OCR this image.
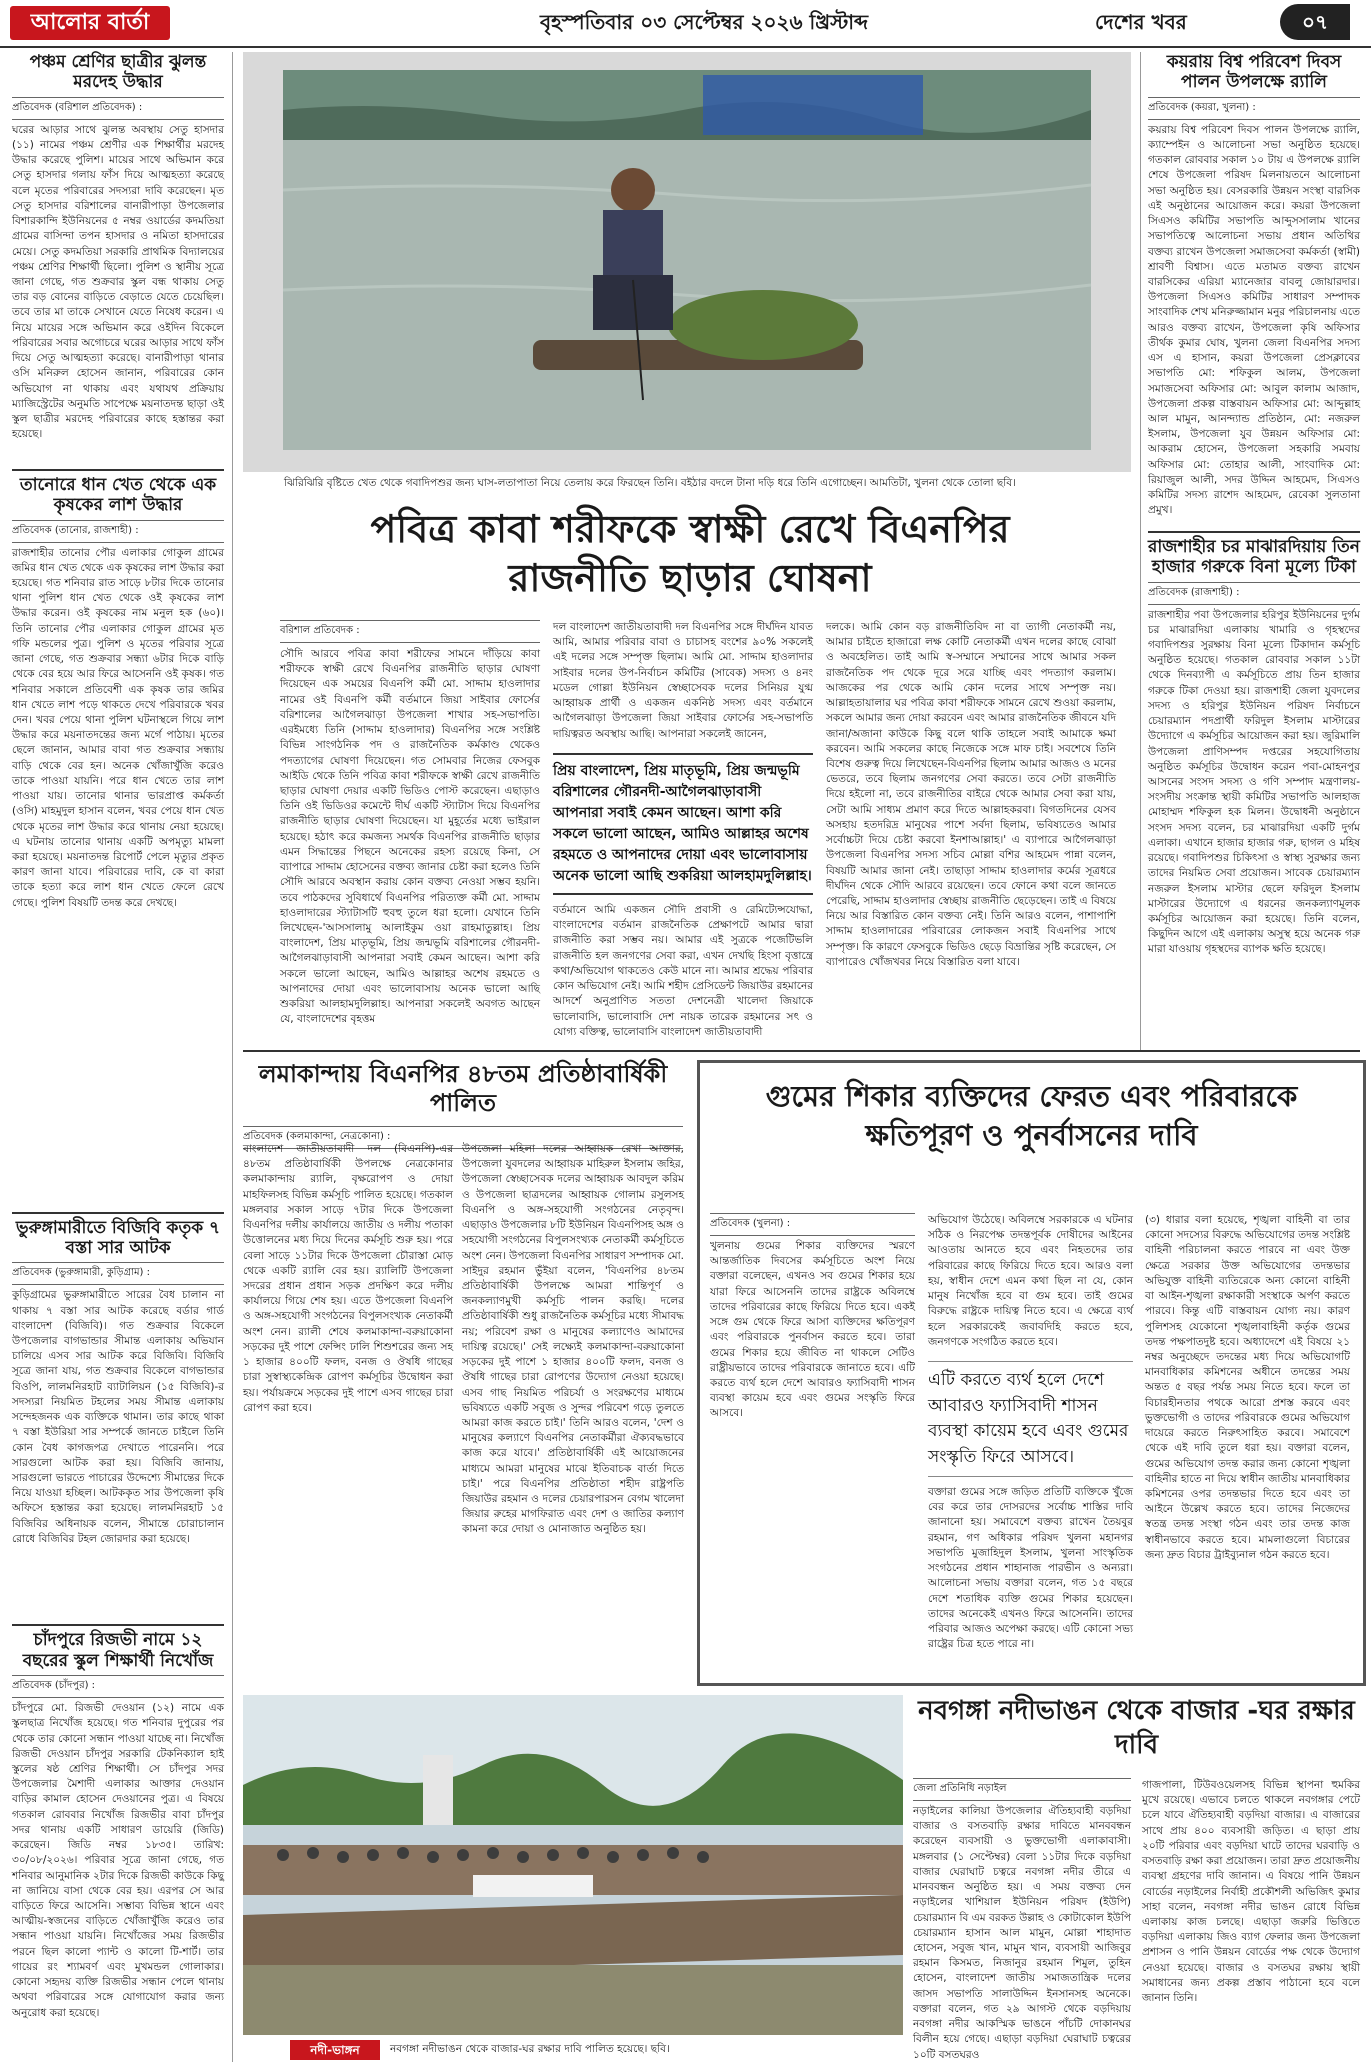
আলোর বার্তা	বৃহস্পতিবার ০৩ সেপ্টেম্বর ২০২৬ খ্রিস্টাব্দ	দেশের খবর	০৭
পঞ্চম শ্রেণির ছাত্রীর ঝুলন্ত মরদেহ উদ্ধার
প্রতিবেদক (বরিশাল প্রতিবেদক) :
ঘরের আড়ার সাথে ঝুলন্ত অবস্থায় সেতু হাসদার (১১) নামের পঞ্চম শ্রেণীর এক শিক্ষার্থীর মরদেহ উদ্ধার করেছে পুলিশ। মায়ের সাথে অভিমান করে সেতু হাসদার গলায় ফাঁস দিয়ে আত্মহত্যা করেছে বলে মৃতের পরিবারের সদস্যরা দাবি করেছেন। মৃত সেতু হাসদার বরিশালের বানারীপাড়া উপজেলার বিশারকান্দি ইউনিয়নের ৫ নম্বর ওয়ার্ডের কদমতিয়া গ্রামের বাসিন্দা তপন হাসদার ও নমিতা হাসদারের মেয়ে। সেতু কদমতিয়া সরকারি প্রাথমিক বিদ্যালয়ের পঞ্চম শ্রেণির শিক্ষার্থী ছিলো। পুলিশ ও স্থানীয় সূত্রে জানা গেছে, গত শুক্রবার স্কুল বন্ধ থাকায় সেতু তার বড় বোনের বাড়িতে বেড়াতে যেতে চেয়েছিল। তবে তার মা তাকে সেখানে যেতে নিষেধ করেন। এ নিয়ে মায়ের সঙ্গে অভিমান করে ওইদিন বিকেলে পরিবারের সবার অগোচরে ঘরের আড়ার সাথে ফাঁস দিয়ে সেতু আত্মহত্যা করেছে। বানারীপাড়া থানার ওসি মনিরুল হোসেন জানান, পরিবারের কোন অভিযোগ না থাকায় এবং যথাযথ প্রক্রিয়ায় ম্যাজিস্ট্রেটের অনুমতি সাপেক্ষে ময়নাতদন্ত ছাড়া ওই স্কুল ছাত্রীর মরদেহ পরিবারের কাছে হস্তান্তর করা হয়েছে।
তানোরে ধান খেত থেকে এক কৃষকের লাশ উদ্ধার
প্রতিবেদক (তানোর, রাজশাহী) :
রাজশাহীর তানোর পৌর এলাকার গোকুল গ্রামের জমির ধান খেত থেকে এক কৃষকের লাশ উদ্ধার করা হয়েছে। গত শনিবার রাত সাড়ে ৮টার দিকে তানোর থানা পুলিশ ধান খেত থেকে ওই কৃষকের লাশ উদ্ধার করেন। ওই কৃষকের নাম মনুল হক (৬০)। তিনি তানোর পৌর এলাকার গোকুল গ্রামের মৃত গফি মন্ডলের পুত্র। পুলিশ ও মৃতের পরিবার সূত্রে জানা গেছে, গত শুক্রবার সন্ধ্যা ৬টার দিকে বাড়ি থেকে বের হয়ে আর ফিরে আসেননি ওই কৃষক। গত শনিবার সকালে প্রতিবেশী এক কৃষক তার জমির ধান খেতে লাশ পড়ে থাকতে দেখে পরিবারকে খবর দেন। খবর পেয়ে থানা পুলিশ ঘটনাস্থলে গিয়ে লাশ উদ্ধার করে ময়নাতদন্তের জন্য মর্গে পাঠায়। মৃতের ছেলে জানান, আমার বাবা গত শুক্রবার সন্ধ্যায় বাড়ি থেকে বের হন। অনেক খোঁজাখুঁজি করেও তাকে পাওয়া যায়নি। পরে ধান খেতে তার লাশ পাওয়া যায়। তানোর থানার ভারপ্রাপ্ত কর্মকর্তা (ওসি) মাহমুদুল হাসান বলেন, খবর পেয়ে ধান খেত থেকে মৃতের লাশ উদ্ধার করে থানায় নেয়া হয়েছে। এ ঘটনায় তানোর থানায় একটি অপমৃত্যু মামলা করা হয়েছে। ময়নাতদন্ত রিপোর্ট পেলে মৃত্যুর প্রকৃত কারণ জানা যাবে। পরিবারের দাবি, কে বা কারা তাকে হত্যা করে লাশ ধান খেতে ফেলে রেখে গেছে। পুলিশ বিষয়টি তদন্ত করে দেখছে।
ভুরুঙ্গামারীতে বিজিবি কতৃক ৭ বস্তা সার আটক
প্রতিবেদক (ভুরুঙ্গামারী, কুড়িগ্রাম) :
কুড়িগ্রামের ভুরুঙ্গামারীতে সারের বৈধ চালান না থাকায় ৭ বস্তা সার আটক করেছে বর্ডার গার্ড বাংলাদেশ (বিজিবি)। গত শুক্রবার বিকেলে উপজেলার বাগভান্ডার সীমান্ত এলাকায় অভিযান চালিয়ে এসব সার আটক করে বিজিবি। বিজিবি সূত্রে জানা যায়, গত শুক্রবার বিকেলে বাগভান্ডার বিওপি, লালমনিরহাট ব্যাটালিয়ন (১৫ বিজিবি)-র সদস্যরা নিয়মিত টহলের সময় সীমান্ত এলাকায় সন্দেহজনক এক ব্যক্তিকে থামান। তার কাছে থাকা ৭ বস্তা ইউরিয়া সার সম্পর্কে জানতে চাইলে তিনি কোন বৈধ কাগজপত্র দেখাতে পারেননি। পরে সারগুলো আটক করা হয়। বিজিবি জানায়, সারগুলো ভারতে পাচারের উদ্দেশ্যে সীমান্তের দিকে নিয়ে যাওয়া হচ্ছিল। আটককৃত সার উপজেলা কৃষি অফিসে হস্তান্তর করা হয়েছে। লালমনিরহাট ১৫ বিজিবির অধিনায়ক বলেন, সীমান্তে চোরাচালান রোধে বিজিবির টহল জোরদার করা হয়েছে।
চাঁদপুরে রিজভী নামে ১২ বছরের স্কুল শিক্ষার্থী নিখোঁজ
প্রতিবেদক (চাঁদপুর) :
চাঁদপুরে মো. রিজভী দেওয়ান (১২) নামে এক স্কুলছাত্র নিখোঁজ হয়েছে। গত শনিবার দুপুরের পর থেকে তার কোনো সন্ধান পাওয়া যাচ্ছে না। নিখোঁজ রিজভী দেওয়ান চাঁদপুর সরকারি টেকনিক্যাল হাই স্কুলের ষষ্ঠ শ্রেণির শিক্ষার্থী। সে চাঁদপুর সদর উপজেলার মৈশাদী এলাকার আক্তার দেওয়ান বাড়ির কামাল হোসেন দেওয়ানের পুত্র। এ বিষয়ে গতকাল রোববার নিখোঁজ রিজভীর বাবা চাঁদপুর সদর থানায় একটি সাধারণ ডায়েরি (জিডি) করেছেন। জিডি নম্বর ১৮৩৫। তারিখ: ৩০/০৮/২০২৬। পরিবার সূত্রে জানা গেছে, গত শনিবার আনুমানিক ২টার দিকে রিজভী কাউকে কিছু না জানিয়ে বাসা থেকে বের হয়। এরপর সে আর বাড়িতে ফিরে আসেনি। সম্ভাব্য বিভিন্ন স্থানে এবং আত্মীয়-স্বজনের বাড়িতে খোঁজাখুঁজি করেও তার সন্ধান পাওয়া যায়নি। নিখোঁজের সময় রিজভীর পরনে ছিল কালো প্যান্ট ও কালো টি-শার্ট। তার গায়ের রং শ্যামবর্ণ এবং মুখমন্ডল গোলাকার। কোনো সহৃদয় ব্যক্তি রিজভীর সন্ধান পেলে থানায় অথবা পরিবারের সঙ্গে যোগাযোগ করার জন্য অনুরোধ করা হয়েছে।
ঝিরিঝিরি বৃষ্টিতে খেত থেকে গবাদিপশুর জন্য ঘাস-লতাপাতা নিয়ে তেলায় করে ফিরছেন তিনি। বইঠার বদলে টানা দড়ি ধরে তিনি এগোচ্ছেন। আমতিটা, খুলনা থেকে তোলা ছবি।
পবিত্র কাবা শরীফকে স্বাক্ষী রেখে বিএনপির রাজনীতি ছাড়ার ঘোষনা
বরিশাল প্রতিবেদক :
সৌদি আরবে পবিত্র কাবা শরীফের সামনে দাঁড়িয়ে কাবা শরীফকে স্বাক্ষী রেখে বিএনপির রাজনীতি ছাড়ার ঘোষণা দিয়েছেন এক সময়ের বিএনপি কর্মী মো. সাদ্দাম হাওলাদার নামের ওই বিএনপি কর্মী বর্তমানে জিয়া সাইবার ফোর্সের বরিশালের আগৈলঝাড়া উপজেলা শাখার সহ-সভাপতি। এরইমধ্যে তিনি (সাদ্দাম হাওলাদার) বিএনপির সঙ্গে সংশ্লিষ্ট বিভিন্ন সাংগঠনিক পদ ও রাজনৈতিক কর্মকাণ্ড থেকেও পদত্যাগের ঘোষণা দিয়েছেন। গত সোমবার নিজের ফেসবুক আইডি থেকে তিনি পবিত্র কাবা শরীফকে স্বাক্ষী রেখে রাজনীতি ছাড়ার ঘোষণা দেয়ার একটি ভিডিও পোস্ট করেছেন। এছাড়াও তিনি ওই ভিডিওর কমেন্টে দীর্ঘ একটি স্ট্যাটাস দিয়ে বিএনপির রাজনীতি ছাড়ার ঘোষণা দিয়েছেন। যা মুহূর্তের মধ্যে ভাইরাল হয়েছে। হঠাৎ করে কমজন্য সমর্থক বিএনপির রাজনীতি ছাড়ার এমন সিদ্ধান্তের পিছনে অনেকের রহস্য রয়েছে কিনা, সে ব্যাপারে সাদ্দাম হোসেনের বক্তব্য জানার চেষ্টা করা হলেও তিনি সৌদি আরবে অবস্থান করায় কোন বক্তব্য নেওয়া সম্ভব হয়নি। তবে পাঠকদের সুবিধার্থে বিএনপির পরিত্যক্ত কর্মী মো. সাদ্দাম হাওলাদারের স্ট্যাটাসটি হুবহু তুলে ধরা হলো। যেখানে তিনি লিখেছেন-'আসসালামু আলাইকুম ওয়া রাহমাতুল্লাহ। প্রিয় বাংলাদেশ, প্রিয় মাতৃভূমি, প্রিয় জন্মভূমি বরিশালের গৌরনদী-আগৈলঝাড়াবাসী আপনারা সবাই কেমন আছেন। আশা করি সকলে ভালো আছেন, আমিও আল্লাহর অশেষ রহমতে ও আপনাদের দোয়া এবং ভালোবাসায় অনেক ভালো আছি শুকরিয়া আলহামদুলিল্লাহ। আপনারা সকলেই অবগত আছেন যে, বাংলাদেশের বৃহত্তম
দল বাংলাদেশ জাতীয়তাবাদী দল বিএনপির সঙ্গে দীর্ঘদিন যাবত আমি, আমার পরিবার বাবা ও চাচাসহ বংশের ৯০% সকলেই এই দলের সঙ্গে সম্পৃক্ত ছিলাম। আমি মো. সাদ্দাম হাওলাদার সাইবার দলের উপ-নির্বাচন কমিটির (সাবেক) সদস্য ও ৪নং মডেল গোল্লা ইউনিয়ন স্বেচ্ছাসেবক দলের সিনিয়র যুগ্ম আহ্বায়ক প্রার্থী ও একজন একনিষ্ঠ সদস্য এবং বর্তমানে আগৈলঝাড়া উপজেলা জিয়া সাইবার ফোর্সের সহ-সভাপতি দায়িত্বরত অবস্থায় আছি। আপনারা সকলেই জানেন,
প্রিয় বাংলাদেশ, প্রিয় মাতৃভূমি, প্রিয় জন্মভূমি বরিশালের গৌরনদী-আগৈলঝাড়াবাসী আপনারা সবাই কেমন আছেন। আশা করি সকলে ভালো আছেন, আমিও আল্লাহর অশেষ রহমতে ও আপনাদের দোয়া এবং ভালোবাসায় অনেক ভালো আছি শুকরিয়া আলহামদুলিল্লাহ।
বর্তমানে আমি একজন সৌদি প্রবাসী ও রেমিট্যেন্সযোদ্ধা, বাংলাদেশের বর্তমান রাজনৈতিক প্রেক্ষাপটে আমার দ্বারা রাজনীতি করা সম্ভব নয়। আমার এই সুত্রকে পজেটিভলি রাজনীতি হল জনগণের সেবা করা, এখন দেখছি হিংসা বৃত্তান্ত্রে কথা/অভিযোগ থাকতেও কেউ মানে না। আমার শ্রদ্ধেয় পরিবার কোন অভিযোগ নেই। আমি শহীদ প্রেসিডেন্ট জিয়াউর রহমানের আদর্শে অনুপ্রাণিত সততা দেশনেত্রী খালেদা জিয়াকে ভালোবাসি, ভালোবাসি দেশ নায়ক তারেক রহমানের সৎ ও যোগ্য বক্তিত্ব, ভালোবাসি বাংলাদেশ জাতীয়তাবাদী
দলকে। আমি কোন বড় রাজনীতিবিদ না বা ত্যাগী নেতাকর্মী নয়, আমার চাইতে হাজারো লক্ষ কোটি নেতাকর্মী এখন দলের কাছে বোঝা ও অবহেলিত। তাই আমি স্ব-সম্মানে সম্মানের সাথে আমার সকল রাজনৈতিক পদ থেকে দূরে সরে যাচ্ছি এবং পদত্যাগ করলাম। আজকের পর থেকে আমি কোন দলের সাথে সম্পৃক্ত নয়। আল্লাহতায়ালার ঘর পবিত্র কাবা শরীফকে সামনে রেখে শুওয়া করলাম, সকলে আমার জন্য দোয়া করবেন এবং আমার রাজনৈতিক জীবনে যদি জানা/অজানা কাউকে কিছু বলে থাকি তাহলে সবাই আমাকে ক্ষমা করবেন। আমি সকলের কাছে নিজেকে সঙ্গে মাফ চাই। সবশেষে তিনি বিশেষ গুরুত্ব দিয়ে লিখেছেন-বিএনপির ছিলাম আমার আজও ও মনের ভেতরে, তবে ছিলাম জনগণের সেবা করতে। তবে সেটা রাজনীতি দিয়ে হইলো না, তবে রাজনীতির বাইরে থেকে আমার সেবা করা যায়, সেটা আমি সাধ্যম প্রমাণ করে দিতে আল্লাহকরবা। বিগতদিনের যেসব অসহায় হতদরিদ্র মানুষের পাশে সর্বদা ছিলাম, ভবিষ্যতেও আমার সর্বোচ্চটা দিয়ে চেষ্টা করবো ইনশাআল্লাহ।' এ ব্যাপারে আগৈলঝাড়া উপজেলা বিএনপির সদস্য সচিব মোল্লা বশির আহমেদ পান্না বলেন, বিষয়টি আমার জানা নেই। তাছাড়া সাদ্দাম হাওলাদার কর্মের সূত্রধরে দীর্ঘদিন থেকে সৌদি আরবে রয়েছেন। তবে ফোনে কথা বলে জানতে পেরেছি, সাদ্দাম হাওলাদার স্বেচ্ছায় রাজনীতি ছেড়েছেন। তাই এ বিষয়ে নিয়ে আর বিস্তারিত কোন বক্তব্য নেই। তিনি আরও বলেন, পাশাপাশি সাদ্দাম হাওলাদারের পরিবারের লোকজন সবাই বিএনপির সাথে সম্পৃক্ত। কি কারণে ফেসবুকে ভিডিও ছেড়ে বিভ্রান্তির সৃষ্টি করেছেন, সে ব্যাপারেও খোঁজখবর নিয়ে বিস্তারিত বলা যাবে।
কয়রায় বিশ্ব পরিবেশ দিবস পালন উপলক্ষে র‌্যালি
প্রতিবেদক (কয়রা, খুলনা) :
কয়রায় বিশ্ব পরিবেশ দিবস পালন উপলক্ষে র‌্যালি, ক্যাম্পেইন ও আলোচনা সভা অনুষ্ঠিত হয়েছে। গতকাল রোববার সকাল ১০ টায় এ উপলক্ষে র‌্যালি শেষে উপজেলা পরিষদ মিলনায়তনে আলোচনা সভা অনুষ্ঠিত হয়। বেসরকারি উন্নয়ন সংস্থা বারসিক এই অনুষ্ঠানের আয়োজন করে। কয়রা উপজেলা সিএসও কমিটির সভাপতি আব্দুসসালাম খানের সভাপতিত্বে আলোচনা সভায় প্রধান অতিথির বক্তব্য রাখেন উপজেলা সমাজসেবা কর্মকর্তা (স্বামী) শ্রাবণী বিশ্বাস। এতে মতামত বক্তব্য রাখেন বারসিকের এরিয়া ম্যানেজার বাবলু জোয়ারদার। উপজেলা সিএসও কমিটির সাধারণ সম্পাদক সাংবাদিক শেখ মনিরুজ্জামান মনুর পরিচালনায় এতে আরও বক্তব্য রাখেন, উপজেলা কৃষি অফিসার তীর্থক কুমার ঘোষ, খুলনা জেলা বিএনপির সদস্য এস এ হাসান, কয়রা উপজেলা প্রেসক্লাবের সভাপতি মো: শফিকুল আলম, উপজেলা সমাজসেবা অফিসার মো: আবুল কালাম আজাদ, উপজেলা প্রকল্প বাস্তবায়ন অফিসার মো: আব্দুল্লাহ আল মামুন, আনন্দ্যান্ড প্রতিষ্ঠান, মো: নজরুল ইসলাম, উপজেলা যুব উন্নয়ন অফিসার মো: আকরাম হোসেন, উপজেলা সহকারি সমবায় অফিসার মো: তোহার আলী, সাংবাদিক মো: রিয়াজুল আলী, সদর উদ্দিন আহমেদ, সিএসও কমিটির সদস্য রাশেদ আহমেদ, রেবেকা সুলতানা প্রমুখ।
রাজশাহীর চর মাঝারদিয়ায় তিন হাজার গরুকে বিনা মূল্যে টিকা
প্রতিবেদক (রাজশাহী) :
রাজশাহীর পবা উপজেলার হরিপুর ইউনিয়নের দুর্গম চর মাঝারদিয়া এলাকায় খামারি ও গৃহস্থদের গবাদিপশুর সুরক্ষায় বিনা মূল্যে টিকাদান কর্মসূচি অনুষ্ঠিত হয়েছে। গতকাল রোববার সকাল ১১টা থেকে দিনব্যাপী এ কর্মসূচিতে প্রায় তিন হাজার গরুকে টিকা দেওয়া হয়। রাজশাহী জেলা যুবদলের সদস্য ও হরিপুর ইউনিয়ন পরিষদ নির্বাচনে চেয়ারম্যান পদপ্রার্থী ফরিদুল ইসলাম মাস্টারের উদ্যোগে এ কর্মসূচির আয়োজন করা হয়। জুরিমালি উপজেলা প্রাণিসম্পদ দপ্তরের সহযোগিতায় অনুষ্ঠিত কর্মসূচির উদ্বোধন করেন পবা-মোহনপুর আসনের সংসদ সদস্য ও গণি সম্পাদ মন্ত্রণালয়-সংসদীয় সংক্রান্ত স্থায়ী কমিটির সভাপতি আলহাজ মোহাম্মদ শফিকুল হক মিলন। উদ্বোধনী অনুষ্ঠানে সংসদ সদস্য বলেন, চর মাঝারদিয়া একটি দুর্গম এলাকা। এখানে হাজার হাজার গরু, ছাগল ও মহিষ রয়েছে। গবাদিপশুর চিকিৎসা ও স্বাস্থ্য সুরক্ষার জন্য তাদের নিয়মিত সেবা প্রয়োজন। সাবেক চেয়ারম্যান নজরুল ইসলাম মাস্টার ছেলে ফরিদুল ইসলাম মাস্টারের উদ্যোগে এ ধরনের জনকল্যাণমূলক কর্মসূচির আয়োজন করা হয়েছে। তিনি বলেন, কিছুদিন আগে এই এলাকায় অসুস্থ হয়ে অনেক গরু মারা যাওয়ায় গৃহস্থদের ব্যাপক ক্ষতি হয়েছে।
লমাকান্দায় বিএনপির ৪৮তম প্রতিষ্ঠাবার্ষিকী পালিত
প্রতিবেদক (কলমাকান্দা, নেত্রকোনা) :
বাংলাদেশ জাতীয়তাবাদী দল (বিএনপি)-এর ৪৮তম প্রতিষ্ঠাবার্ষিকী উপলক্ষে নেত্রকোনার কলমাকান্দায় র‌্যালি, বৃক্ষরোপণ ও দোয়া মাহফিলসহ বিভিন্ন কর্মসূচি পালিত হয়েছে। গতকাল মঙ্গলবার সকাল সাড়ে ৭টার দিকে উপজেলা বিএনপির দলীয় কার্যালয়ে জাতীয় ও দলীয় পতাকা উত্তোলনের মধ্য দিয়ে দিনের কর্মসূচি শুরু হয়। পরে বেলা সাড়ে ১১টার দিকে উপজেলা চৌরাস্তা মোড় থেকে একটি র‌্যালি বের হয়। র‌্যালিটি উপজেলা সদরের প্রধান প্রধান সড়ক প্রদক্ষিণ করে দলীয় কার্যালয়ে গিয়ে শেষ হয়। এতে উপজেলা বিএনপি ও অঙ্গ-সহযোগী সংগঠনের বিপুলসংখ্যক নেতাকর্মী অংশ নেন। র‌্যালী শেষে কলমাকান্দা-বরুয়াকোনা সড়কের দুই পাশে ফেন্সিং ঢালি শিশুশরের জন্য সহ ১ হাজার ৪০০টি ফলদ, বনজ ও ঔষধি গাছের চারা সুস্বাস্থ্যকেন্দ্রিক রোপণ কর্মসূচির উদ্বোধন করা হয়। পর্যায়ক্রমে সড়কের দুই পাশে এসব গাছের চারা রোপণ করা হবে।
উপজেলা মহিলা দলের আহ্বায়ক রেখা আক্তার, উপজেলা যুবদলের আহ্বায়ক মাহিরুল ইসলাম জহির, উপজেলা স্বেচ্ছাসেবক দলের আহ্বায়ক আবদুল করিম ও উপজেলা ছাত্রদলের আহ্বায়ক গোলাম রসুলসহ বিএনপি ও অঙ্গ-সহযোগী সংগঠনের নেতৃবৃন্দ। এছাড়াও উপজেলার ৮টি ইউনিয়ন বিএনপিসহ অঙ্গ ও সহযোগী সংগঠনের বিপুলসংখ্যক নেতাকর্মী কর্মসূচিতে অংশ নেন। উপজেলা বিএনপির সাধারণ সম্পাদক মো. সাইদুর রহমান ভুঁইয়া বলেন, 'বিএনপির ৪৮তম প্রতিষ্ঠাবার্ষিকী উপলক্ষে আমরা শান্তিপূর্ণ ও জনকল্যাণমুখী কর্মসূচি পালন করছি। দলের প্রতিষ্ঠাবার্ষিকী শুধু রাজনৈতিক কর্মসূচির মধ্যে সীমাবদ্ধ নয়; পরিবেশ রক্ষা ও মানুষের কল্যাণেও আমাদের দায়িত্ব রয়েছে।' সেই লক্ষ্যেই কলমাকান্দা-বরুয়াকোনা সড়কের দুই পাশে ১ হাজার ৪০০টি ফলদ, বনজ ও ঔষধি গাছের চারা রোপণের উদ্যোগ নেওয়া হয়েছে। এসব গাছ নিয়মিত পরিচর্যা ও সংরক্ষণের মাধ্যমে ভবিষ্যতে একটি সবুজ ও সুন্দর পরিবেশ গড়ে তুলতে আমরা কাজ করতে চাই।' তিনি আরও বলেন, 'দেশ ও মানুষের কল্যাণে বিএনপির নেতাকর্মীরা ঐক্যবদ্ধভাবে কাজ করে যাবে।' প্রতিষ্ঠাবার্ষিকী এই আয়োজনের মাধ্যমে আমরা মানুষের মাঝে ইতিবাচক বার্তা দিতে চাই।' পরে বিএনপির প্রতিষ্ঠাতা শহীদ রাষ্ট্রপতি জিয়াউর রহমান ও দলের চেয়ারপারসন বেগম খালেদা জিয়ার রুহের মাগফিরাত এবং দেশ ও জাতির কল্যাণ কামনা করে দোয়া ও মোনাজাত অনুষ্ঠিত হয়।
গুমের শিকার ব্যক্তিদের ফেরত এবং পরিবারকে ক্ষতিপূরণ ও পুনর্বাসনের দাবি
প্রতিবেদক (খুলনা) :
খুলনায় গুমের শিকার ব্যক্তিদের স্মরণে আন্তর্জাতিক দিবসের কর্মসূচিতে অংশ নিয়ে বক্তারা বলেছেন, এখনও সব গুমের শিকার হয়ে যারা ফিরে আসেননি তাদের রাষ্ট্রকে অবিলম্বে তাদের পরিবারের কাছে ফিরিয়ে দিতে হবে। একই সঙ্গে গুম থেকে ফিরে আসা ব্যক্তিদের ক্ষতিপূরণ এবং পরিবারকে পুনর্বাসন করতে হবে। তারা গুমের শিকার হয়ে জীবিত না থাকলে সেটিও রাষ্ট্রীয়ভাবে তাদের পরিবারকে জানাতে হবে। এটি করতে ব্যর্থ হলে দেশে আবারও ফ্যাসিবাদী শাসন ব্যবস্থা কায়েম হবে এবং গুমের সংস্কৃতি ফিরে আসবে।
অভিযোগ উঠেছে। অবিলম্বে সরকারকে এ ঘটনার সঠিক ও নিরপেক্ষ তদন্তপূর্বক দোষীদের আইনের আওতায় আনতে হবে এবং নিহতদের তার পরিবারের কাছে ফিরিয়ে দিতে হবে। আরও বলা হয়, স্বাধীন দেশে এমন কথা ছিল না যে, কোন মানুষ নিখোঁজ হবে বা গুম হবে। তাই গুমের বিরুদ্ধে রাষ্ট্রকে দায়িত্ব নিতে হবে। এ ক্ষেত্রে ব্যর্থ হলে সরকারকেই জবাবদিহি করতে হবে, জনগণকে সংগঠিত করতে হবে।
এটি করতে ব্যর্থ হলে দেশে আবারও ফ্যাসিবাদী শাসন ব্যবস্থা কায়েম হবে এবং গুমের সংস্কৃতি ফিরে আসবে।
বক্তারা গুমের সঙ্গে জড়িত প্রতিটি ব্যক্তিকে খুঁজে বের করে তার দোসরদের সর্বোচ্চ শাস্তির দাবি জানানো হয়। সমাবেশে বক্তব্য রাখেন তৈয়বুর রহমান, গণ অধিকার পরিষদ খুলনা মহানগর সভাপতি মুজাহিদুল ইসলাম, খুলনা সাংস্কৃতিক সংগঠনের প্রধান শাহানাজ পারভীন ও অন্যরা। আলোচনা সভায় বক্তারা বলেন, গত ১৫ বছরে দেশে শতাধিক ব্যক্তি গুমের শিকার হয়েছেন। তাদের অনেকেই এখনও ফিরে আসেননি। তাদের পরিবার আজও অপেক্ষা করছে। এটি কোনো সভ্য রাষ্ট্রের চিত্র হতে পারে না।
(৩) ধারার বলা হয়েছে, শৃঙ্খলা বাহিনী বা তার কোনো সদস্যের বিরুদ্ধে অভিযোগের তদন্ত সংশ্লিষ্ট বাহিনী পরিচালনা করতে পারবে না এবং উক্ত ক্ষেত্রে সরকার উক্ত অভিযোগের তদন্তভার অভিযুক্ত বাহিনী ব্যতিরেকে অন্য কোনো বাহিনী বা আইন-শৃঙ্খলা রক্ষাকারী সংস্থাকে অর্পণ করতে পারবে। কিন্তু এটি বাস্তবায়ন যোগ্য নয়। কারণ পুলিশসহ যেকোনো শৃঙ্খলাবাহিনী কর্তৃক গুমের তদন্ত পক্ষপাতদুষ্ট হবে। অধ্যাদেশে এই বিষয়ে ২১ নম্বর অনুচ্ছেদে তদন্তের মধ্য দিয়ে অভিযোগটি মানবাধিকার কমিশনের অধীনে তদন্তের সময় অন্তত ৫ বছর পর্যন্ত সময় নিতে হবে। ফলে তা বিচারহীনতার পথকে আরো প্রশস্ত করবে এবং ভুক্তভোগী ও তাদের পরিবারকে গুমের অভিযোগ দায়েরে করতে নিরুৎসাহিত করবে। সমাবেশে থেকে এই দাবি তুলে ধরা হয়। বক্তারা বলেন, গুমের অভিযোগ তদন্ত করার জন্য কোনো শৃঙ্খলা বাহিনীর হাতে না দিয়ে স্বাধীন জাতীয় মানবাধিকার কমিশনের ওপর তদন্তভার দিতে হবে এবং তা আইনে উল্লেখ করতে হবে। তাদের নিজেদের স্বতন্ত্র তদন্ত সংস্থা গঠন এবং তার তদন্ত কাজ স্বাধীনভাবে করতে হবে। মামলাগুলো বিচারের জন্য দ্রুত বিচার ট্রাইব্যুনাল গঠন করতে হবে।
নদী-ভাঙ্গন	নবগঙ্গা নদীভাঙন থেকে বাজার-ঘর রক্ষার দাবি পালিত হয়েছে। ছবি।
নবগঙ্গা নদীভাঙন থেকে বাজার -ঘর রক্ষার দাবি
জেলা প্রতিনিধি নড়াইল
নড়াইলের কালিয়া উপজেলার ঐতিহ্যবাহী বড়দিয়া বাজার ও বসতবাড়ি রক্ষার দাবিতে মানববন্ধন করেছেন ব্যবসায়ী ও ভুক্তভোগী এলাকাবাসী। মঙ্গলবার (১ সেপ্টেম্বর) বেলা ১১টার দিকে বড়দিয়া বাজার ঘেরাঘাট চত্বরে নবগঙ্গা নদীর তীরে এ মানববন্ধন অনুষ্ঠিত হয়। এ সময় বক্তব্য দেন নড়াইলের খাশিয়াল ইউনিয়ন পরিষদ (ইউপি) চেয়ারম্যান বি এম বরকত উল্লাহ ও কোটাকোল ইউপি চেয়ারম্যান হাসান আল মামুন, মোল্লা শাহাদাত হোসেন, সবুজ খান, মামুন খান, ব্যবসায়ী আজিবুর রহমান কিসমত, নিজানুর রহমান শিমুল, তুহিন হোসেন, বাংলাদেশ জাতীয় সমাজতান্ত্রিক দলের জাসদ সভাপতি সালাউদ্দিন ইনসানসহ অনেকে। বক্তারা বলেন, গত ২৯ আগস্ট থেকে বড়দিয়ায় নবগঙ্গা নদীর আকস্মিক ভাঙনে পাঁচটি দোকানঘর বিলীন হয়ে গেছে। এছাড়া বড়দিয়া ঘেরাঘাট চত্বরের ১০টি বসতঘরও
গাজপালা, টিউবওয়েলসহ বিভিন্ন স্থাপনা হুমকির মুখে রয়েছে। এভাবে চলতে থাকলে নবগঙ্গার পেটে চলে যাবে ঐতিহ্যবাহী বড়দিয়া বাজার। এ বাজারের সাথে প্রায় ৪০০ ব্যবসায়ী জড়িত। এ ছাড়া প্রায় ২০টি পরিবার এবং বড়দিয়া ঘাটে তাদের ঘরবাড়ি ও বসতবাড়ি রক্ষা করা প্রয়োজন। তারা দ্রুত প্রয়োজনীয় ব্যবস্থা গ্রহণের দাবি জানান। এ বিষয়ে পানি উন্নয়ন বোর্ডের নড়াইলের নির্বাহী প্রকৌশলী অভিজিৎ কুমার সাহা বলেন, নবগঙ্গা নদীর ভাঙন রোধে বিভিন্ন এলাকায় কাজ চলছে। এছাড়া জরুরি ভিত্তিতে বড়দিয়া এলাকায় জিও ব্যাগ ফেলার জন্য উপজেলা প্রশাসন ও পানি উন্নয়ন বোর্ডের পক্ষ থেকে উদ্যোগ নেওয়া হয়েছে। বাজার ও বসতঘর রক্ষায় স্থায়ী সমাধানের জন্য প্রকল্প প্রস্তাব পাঠানো হবে বলে জানান তিনি।
